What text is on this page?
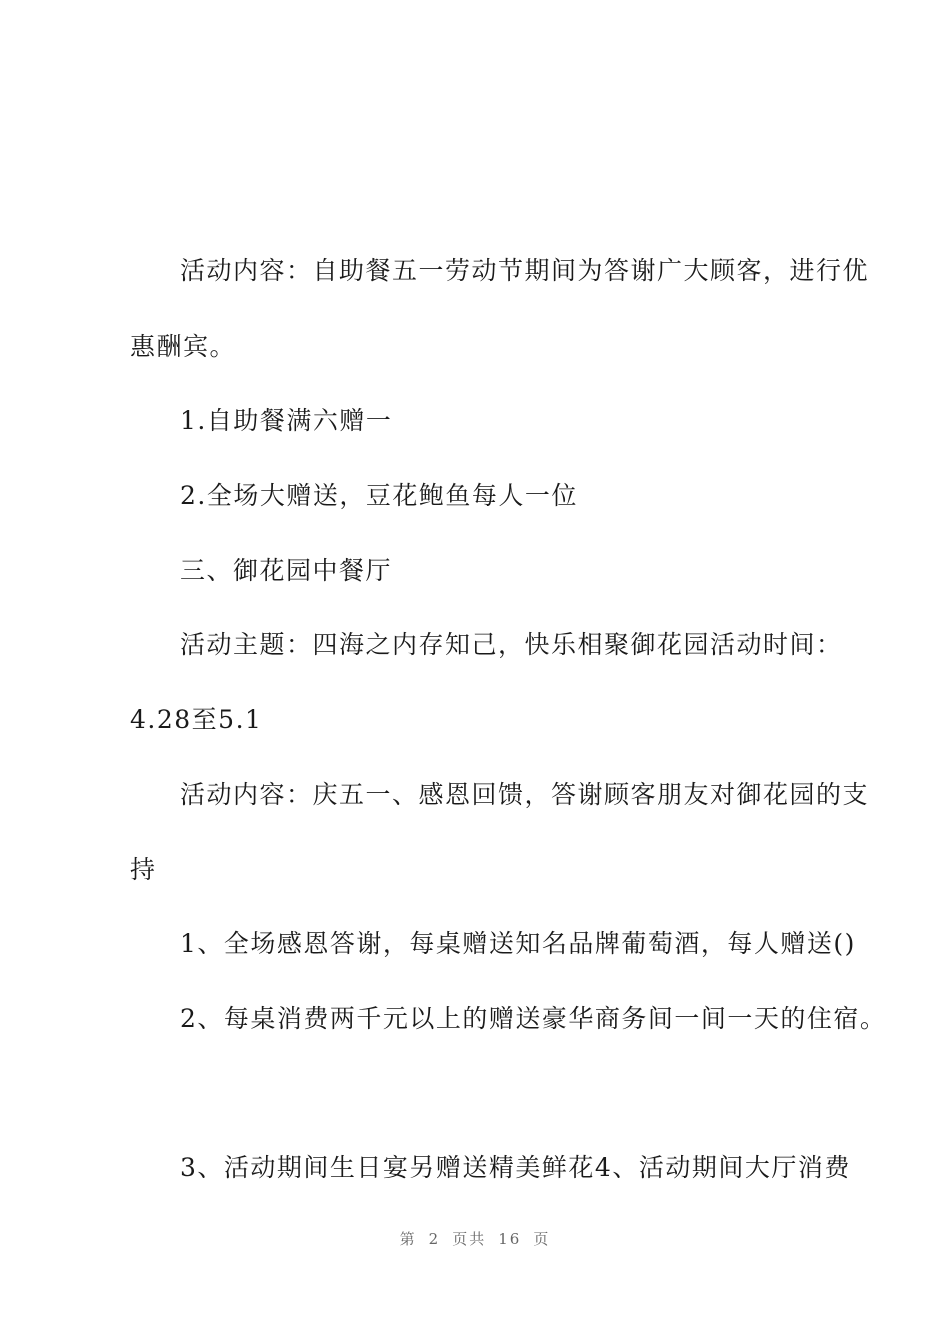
活动内容：自助餐五一劳动节期间为答谢广大顾客，进行优
惠酬宾。
1.自助餐满六赠一
2.全场大赠送，豆花鲍鱼每人一位
三、御花园中餐厅
活动主题：四海之内存知己，快乐相聚御花园活动时间：
4.28至5.1
活动内容：庆五一、感恩回馈，答谢顾客朋友对御花园的支
持
1、全场感恩答谢，每桌赠送知名品牌葡萄酒，每人赠送()
2、每桌消费两千元以上的赠送豪华商务间一间一天的住宿。
3、活动期间生日宴另赠送精美鲜花4、活动期间大厅消费
第 2 页共 16 页
